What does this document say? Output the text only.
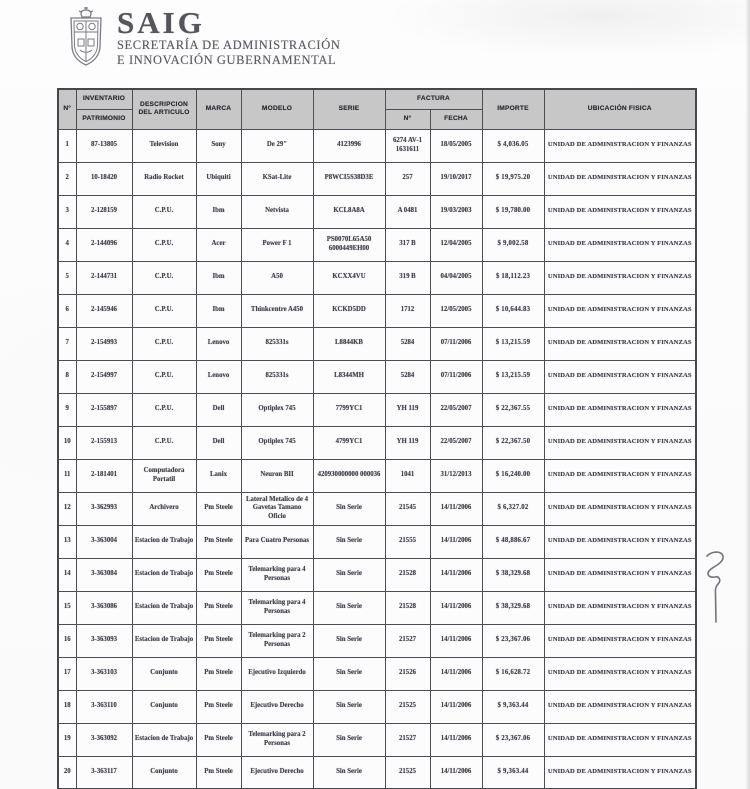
SAIG
SECRETARÍA DE ADMINISTRACIÓN
E INNOVACIÓN GUBERNAMENTAL
N°	INVENTARIO	DESCRIPCION DEL ARTICULO	MARCA	MODELO	SERIE	FACTURA		IMPORTE	UBICACIÓN FISICA
	PATRIMONIO					N°	FECHA		
1	87-13805	Television	Sony	De 29"	4123996	6274 AV-1 1631611	18/05/2005	$ 4,036.05	UNIDAD DE ADMINISTRACION Y FINANZAS
2	10-18420	Radio Rocket	Ubiquiti	KSat-Lite	P8WCI5S38D3E	257	19/10/2017	$ 19,975.20	UNIDAD DE ADMINISTRACION Y FINANZAS
3	2-128159	C.P.U.	Ibm	Netvista	KCL8A8A	A 0481	19/03/2003	$ 19,780.00	UNIDAD DE ADMINISTRACION Y FINANZAS
4	2-144096	C.P.U.	Acer	Power F 1	PS0070L65A50 6000449EH00	317 B	12/04/2005	$ 9,002.58	UNIDAD DE ADMINISTRACION Y FINANZAS
5	2-144731	C.P.U.	Ibm	A50	KCXX4VU	319 B	04/04/2005	$ 18,112.23	UNIDAD DE ADMINISTRACION Y FINANZAS
6	2-145946	C.P.U.	Ibm	Thinkcentre A450	KCKD5DD	1712	12/05/2005	$ 10,644.83	UNIDAD DE ADMINISTRACION Y FINANZAS
7	2-154993	C.P.U.	Lenovo	825331s	L8844KB	5284	07/11/2006	$ 13,215.59	UNIDAD DE ADMINISTRACION Y FINANZAS
8	2-154997	C.P.U.	Lenovo	825331s	L8344MH	5284	07/11/2006	$ 13,215.59	UNIDAD DE ADMINISTRACION Y FINANZAS
9	2-155897	C.P.U.	Dell	Optiplex 745	7799YC1	YH 119	22/05/2007	$ 22,367.55	UNIDAD DE ADMINISTRACION Y FINANZAS
10	2-155913	C.P.U.	Dell	Optiplex 745	4799YC1	YH 119	22/05/2007	$ 22,367.50	UNIDAD DE ADMINISTRACION Y FINANZAS
11	2-181401	Computadora Portatil	Lanix	Neuron BII	420930000000 000036	1041	31/12/2013	$ 16,240.00	UNIDAD DE ADMINISTRACION Y FINANZAS
12	3-362993	Archivero	Pm Steele	Lateral Metalico de 4 Gavetas Tamano Oficio	Sin Serie	21545	14/11/2006	$ 6,327.02	UNIDAD DE ADMINISTRACION Y FINANZAS
13	3-363004	Estacion de Trabajo	Pm Steele	Para Cuatro Personas	Sin Serie	21555	14/11/2006	$ 48,886.67	UNIDAD DE ADMINISTRACION Y FINANZAS
14	3-363084	Estacion de Trabajo	Pm Steele	Telemarking para 4 Personas	Sin Serie	21528	14/11/2006	$ 38,329.68	UNIDAD DE ADMINISTRACION Y FINANZAS
15	3-363086	Estacion de Trabajo	Pm Steele	Telemarking para 4 Personas	Sin Serie	21528	14/11/2006	$ 38,329.68	UNIDAD DE ADMINISTRACION Y FINANZAS
16	3-363093	Estacion de Trabajo	Pm Steele	Telemarking para 2 Personas	Sin Serie	21527	14/11/2006	$ 23,367.06	UNIDAD DE ADMINISTRACION Y FINANZAS
17	3-363103	Conjunto	Pm Steele	Ejecutivo Izquierdo	Sin Serie	21526	14/11/2006	$ 16,628.72	UNIDAD DE ADMINISTRACION Y FINANZAS
18	3-363110	Conjunto	Pm Steele	Ejecutivo Derecho	Sin Serie	21525	14/11/2006	$ 9,363.44	UNIDAD DE ADMINISTRACION Y FINANZAS
19	3-363092	Estacion de Trabajo	Pm Steele	Telemarking para 2 Personas	Sin Serie	21527	14/11/2006	$ 23,367.06	UNIDAD DE ADMINISTRACION Y FINANZAS
20	3-363117	Conjunto	Pm Steele	Ejecutivo Derecho	Sin Serie	21525	14/11/2006	$ 9,363.44	UNIDAD DE ADMINISTRACION Y FINANZAS
